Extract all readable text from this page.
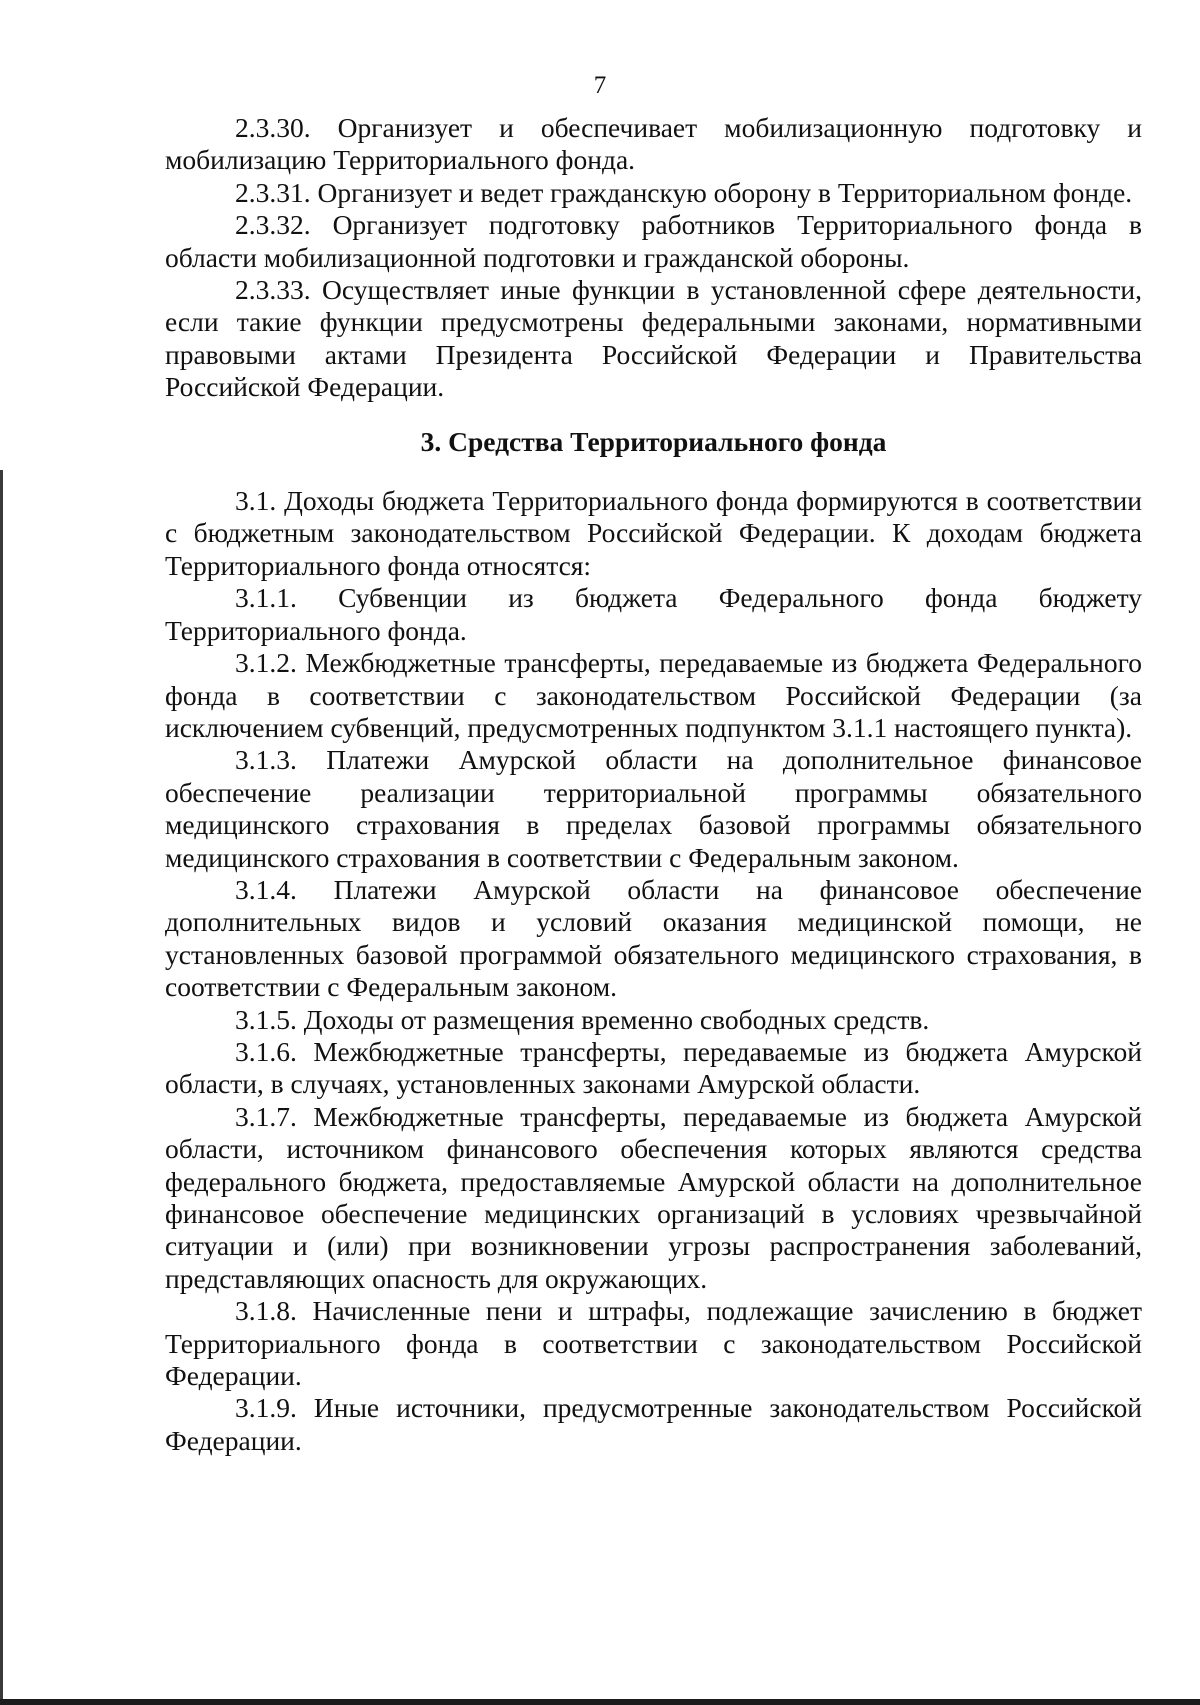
7

2.3.30. Организует и обеспечивает мобилизационную подготовку и мобилизацию Территориального фонда.

2.3.31. Организует и ведет гражданскую оборону в Территориальном фонде.

2.3.32. Организует подготовку работников Территориального фонда в области мобилизационной подготовки и гражданской обороны.

2.3.33. Осуществляет иные функции в установленной сфере деятельности, если такие функции предусмотрены федеральными законами, нормативными правовыми актами Президента Российской Федерации и Правительства Российской Федерации.

3. Средства Территориального фонда

3.1. Доходы бюджета Территориального фонда формируются в соответствии с бюджетным законодательством Российской Федерации. К доходам бюджета Территориального фонда относятся:

3.1.1. Субвенции из бюджета Федерального фонда бюджету Территориального фонда.

3.1.2. Межбюджетные трансферты, передаваемые из бюджета Федерального фонда в соответствии с законодательством Российской Федерации (за исключением субвенций, предусмотренных подпунктом 3.1.1 настоящего пункта).

3.1.3. Платежи Амурской области на дополнительное финансовое обеспечение реализации территориальной программы обязательного медицинского страхования в пределах базовой программы обязательного медицинского страхования в соответствии с Федеральным законом.

3.1.4. Платежи Амурской области на финансовое обеспечение дополнительных видов и условий оказания медицинской помощи, не установленных базовой программой обязательного медицинского страхования, в соответствии с Федеральным законом.

3.1.5. Доходы от размещения временно свободных средств.

3.1.6. Межбюджетные трансферты, передаваемые из бюджета Амурской области, в случаях, установленных законами Амурской области.

3.1.7. Межбюджетные трансферты, передаваемые из бюджета Амурской области, источником финансового обеспечения которых являются средства федерального бюджета, предоставляемые Амурской области на дополнительное финансовое обеспечение медицинских организаций в условиях чрезвычайной ситуации и (или) при возникновении угрозы распространения заболеваний, представляющих опасность для окружающих.

3.1.8. Начисленные пени и штрафы, подлежащие зачислению в бюджет Территориального фонда в соответствии с законодательством Российской Федерации.

3.1.9. Иные источники, предусмотренные законодательством Российской Федерации.
